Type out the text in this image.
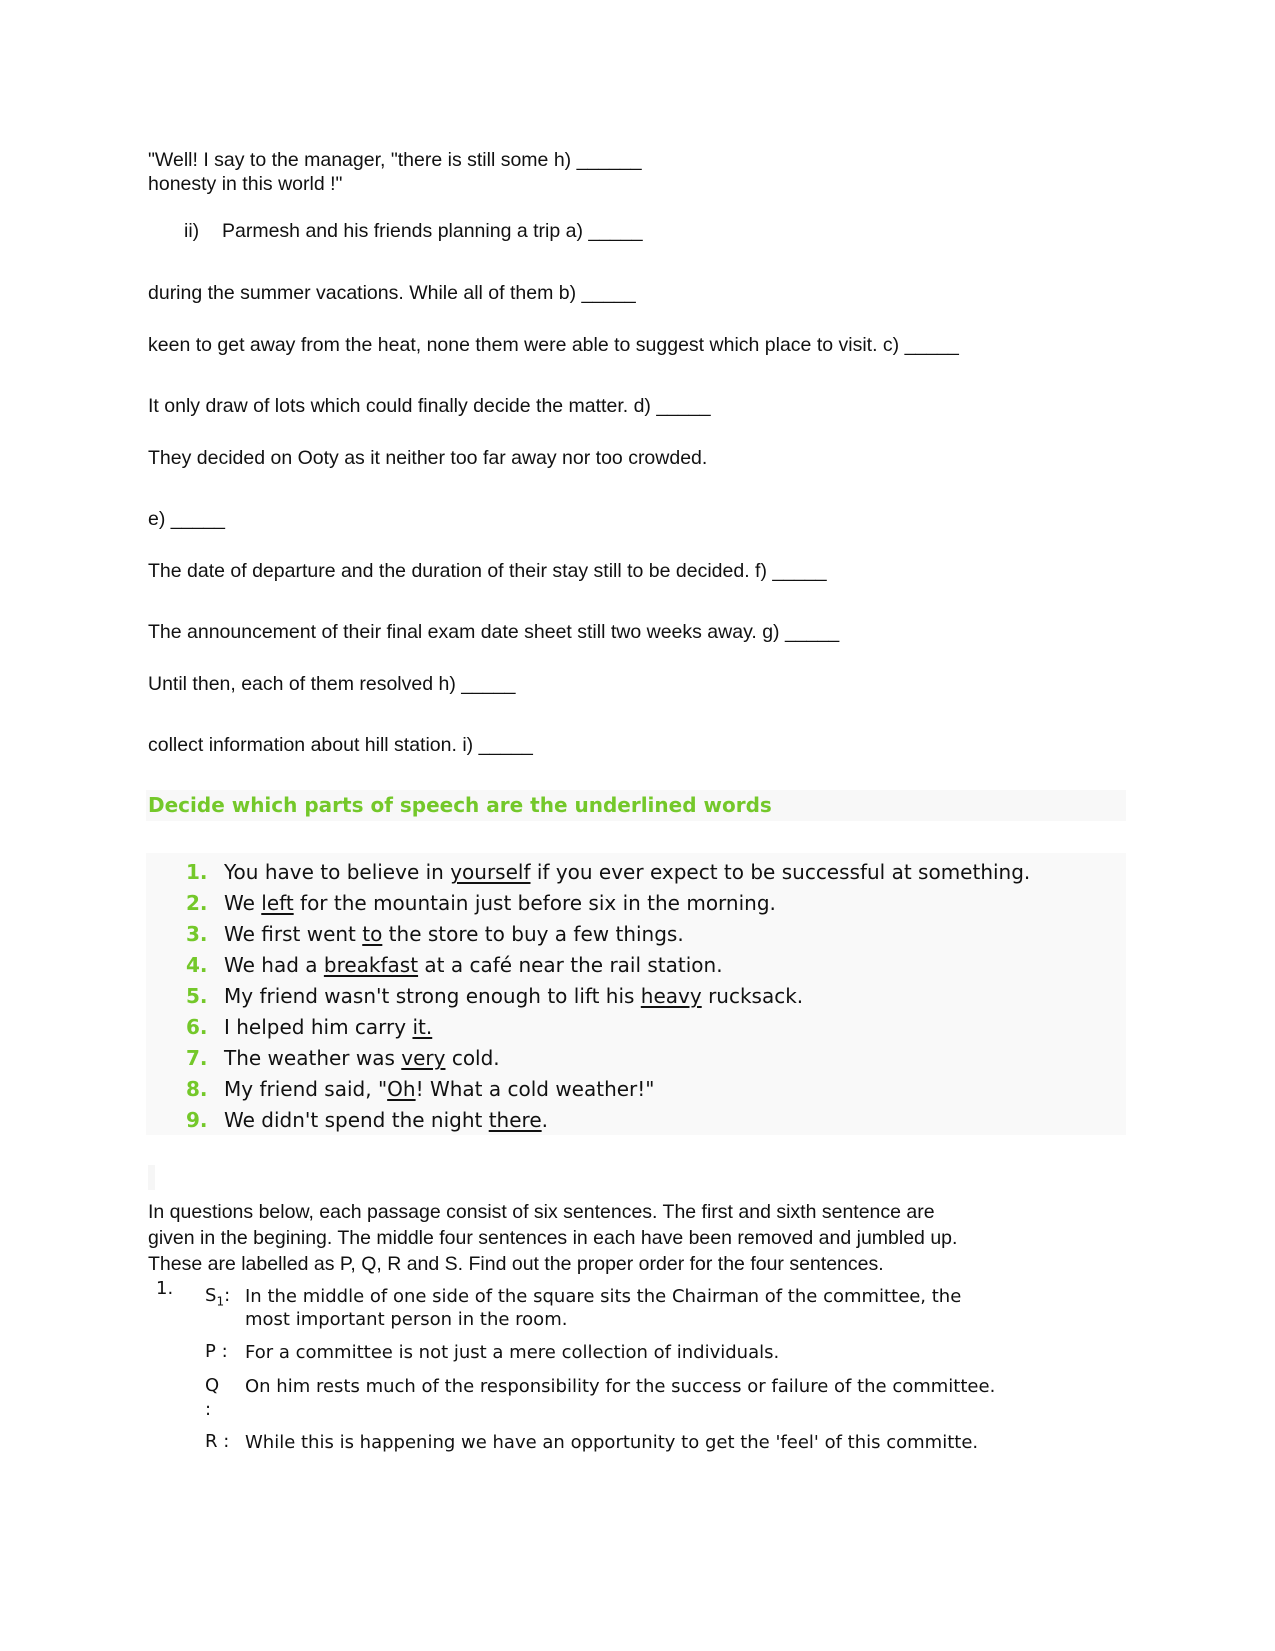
"Well! I say to the manager, "there is still some h) ______
honesty in this world !"
ii) Parmesh and his friends planning a trip a) _____
during the summer vacations. While all of them b) _____
keen to get away from the heat, none them were able to suggest which place to visit. c) _____
It only draw of lots which could finally decide the matter. d) _____
They decided on Ooty as it neither too far away nor too crowded.
e) _____
The date of departure and the duration of their stay still to be decided. f) _____
The announcement of their final exam date sheet still two weeks away. g) _____
Until then, each of them resolved h) _____
collect information about hill station. i) _____
Decide which parts of speech are the underlined words
1. You have to believe in yourself if you ever expect to be successful at something.
2. We left for the mountain just before six in the morning.
3. We first went to the store to buy a few things.
4. We had a breakfast at a café near the rail station.
5. My friend wasn't strong enough to lift his heavy rucksack.
6. I helped him carry it.
7. The weather was very cold.
8. My friend said, "Oh! What a cold weather!"
9. We didn't spend the night there.
In questions below, each passage consist of six sentences. The first and sixth sentence are
given in the begining. The middle four sentences in each have been removed and jumbled up.
These are labelled as P, Q, R and S. Find out the proper order for the four sentences.
1. $S_1$: In the middle of one side of the square sits the Chairman of the committee, the
most important person in the room.
P : For a committee is not just a mere collection of individuals.
Q
:
On him rests much of the responsibility for the success or failure of the committee.
R : While this is happening we have an opportunity to get the 'feel' of this committe.
